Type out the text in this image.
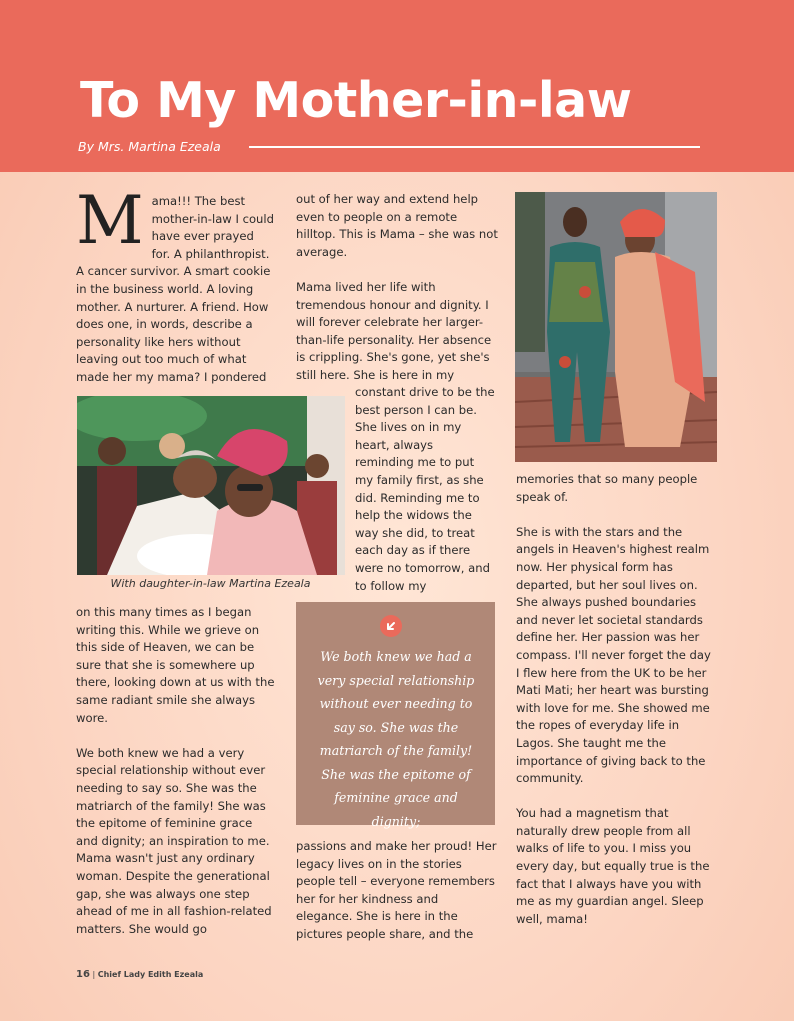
To My Mother-in-law
By Mrs. Martina Ezeala
Mama!!! The best mother-in-law I could have ever prayed for. A philanthropist. A cancer survivor. A smart cookie in the business world. A loving mother. A nurturer. A friend. How does one, in words, describe a personality like hers without leaving out too much of what made her my mama? I pondered
With daughter-in-law Martina Ezeala

on this many times as I began writing this. While we grieve on this side of Heaven, we can be sure that she is somewhere up there, looking down at us with the same radiant smile she always wore.

We both knew we had a very special relationship without ever needing to say so. She was the matriarch of the family! She was the epitome of feminine grace and dignity; an inspiration to me. Mama wasn't just any ordinary woman. Despite the generational gap, she was always one step ahead of me in all fashion-related matters. She would go

out of her way and extend help even to people on a remote hilltop. This is Mama – she was not average.

Mama lived her life with tremendous honour and dignity. I will forever celebrate her larger-than-life personality. Her absence is crippling. She's gone, yet she's still here. She is here in my

constant drive to be the best person I can be. She lives on in my heart, always reminding me to put my family first, as she did. Reminding me to help the widows the way she did, to treat each day as if there were no tomorrow, and to follow my

We both knew we had a very special relationship without ever needing to say so. She was the matriarch of the family! She was the epitome of feminine grace and dignity;

passions and make her proud! Her legacy lives on in the stories people tell – everyone remembers her for her kindness and elegance. She is here in the pictures people share, and the

memories that so many people speak of.

She is with the stars and the angels in Heaven's highest realm now. Her physical form has departed, but her soul lives on. She always pushed boundaries and never let societal standards define her. Her passion was her compass. I'll never forget the day I flew here from the UK to be her Mati Mati; her heart was bursting with love for me. She showed me the ropes of everyday life in Lagos. She taught me the importance of giving back to the community.

You had a magnetism that naturally drew people from all walks of life to you. I miss you every day, but equally true is the fact that I always have you with me as my guardian angel. Sleep well, mama!

16 | Chief Lady Edith Ezeala
